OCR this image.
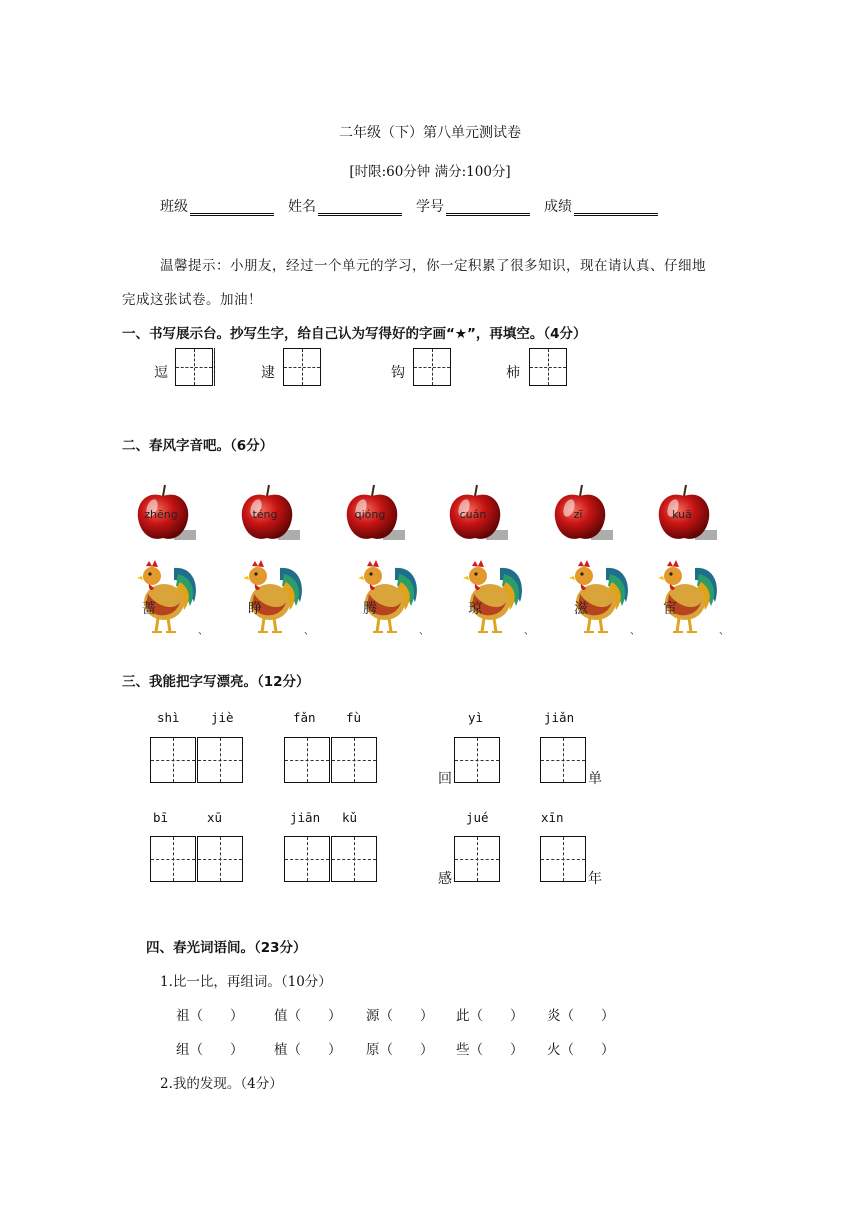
二年级（下）第八单元测试卷
[时限:60分钟 满分:100分]
班级	姓名	学号	成绩
温馨提示：小朋友，经过一个单元的学习，你一定积累了很多知识，现在请认真、仔细地
完成这张试卷。加油！
一、书写展示台。抄写生字，给自己认为写得好的字画“★”，再填空。（4分）
逗	逮	钩	柿
二、春风字音吧。（6分）
zhēng	téng	qióng	cuán	zī	kuā
蔷
、
睁
、
腾
、
琼
、
滋
、
宦
、
三、我能把字写漂亮。（12分）
shì	jiè	fǎn fù	yì	jiǎn
回	单
bī	xū	jiān kǔ	jué	xīn
感	年
四、春光词语间。（23分）
1.比一比，再组词。（10分）
祖（　　） 值（　　） 源（　　） 此（　　） 炎（　　）
组（　　） 植（　　） 原（　　） 些（　　） 火（　　）
2.我的发现。（4分）
